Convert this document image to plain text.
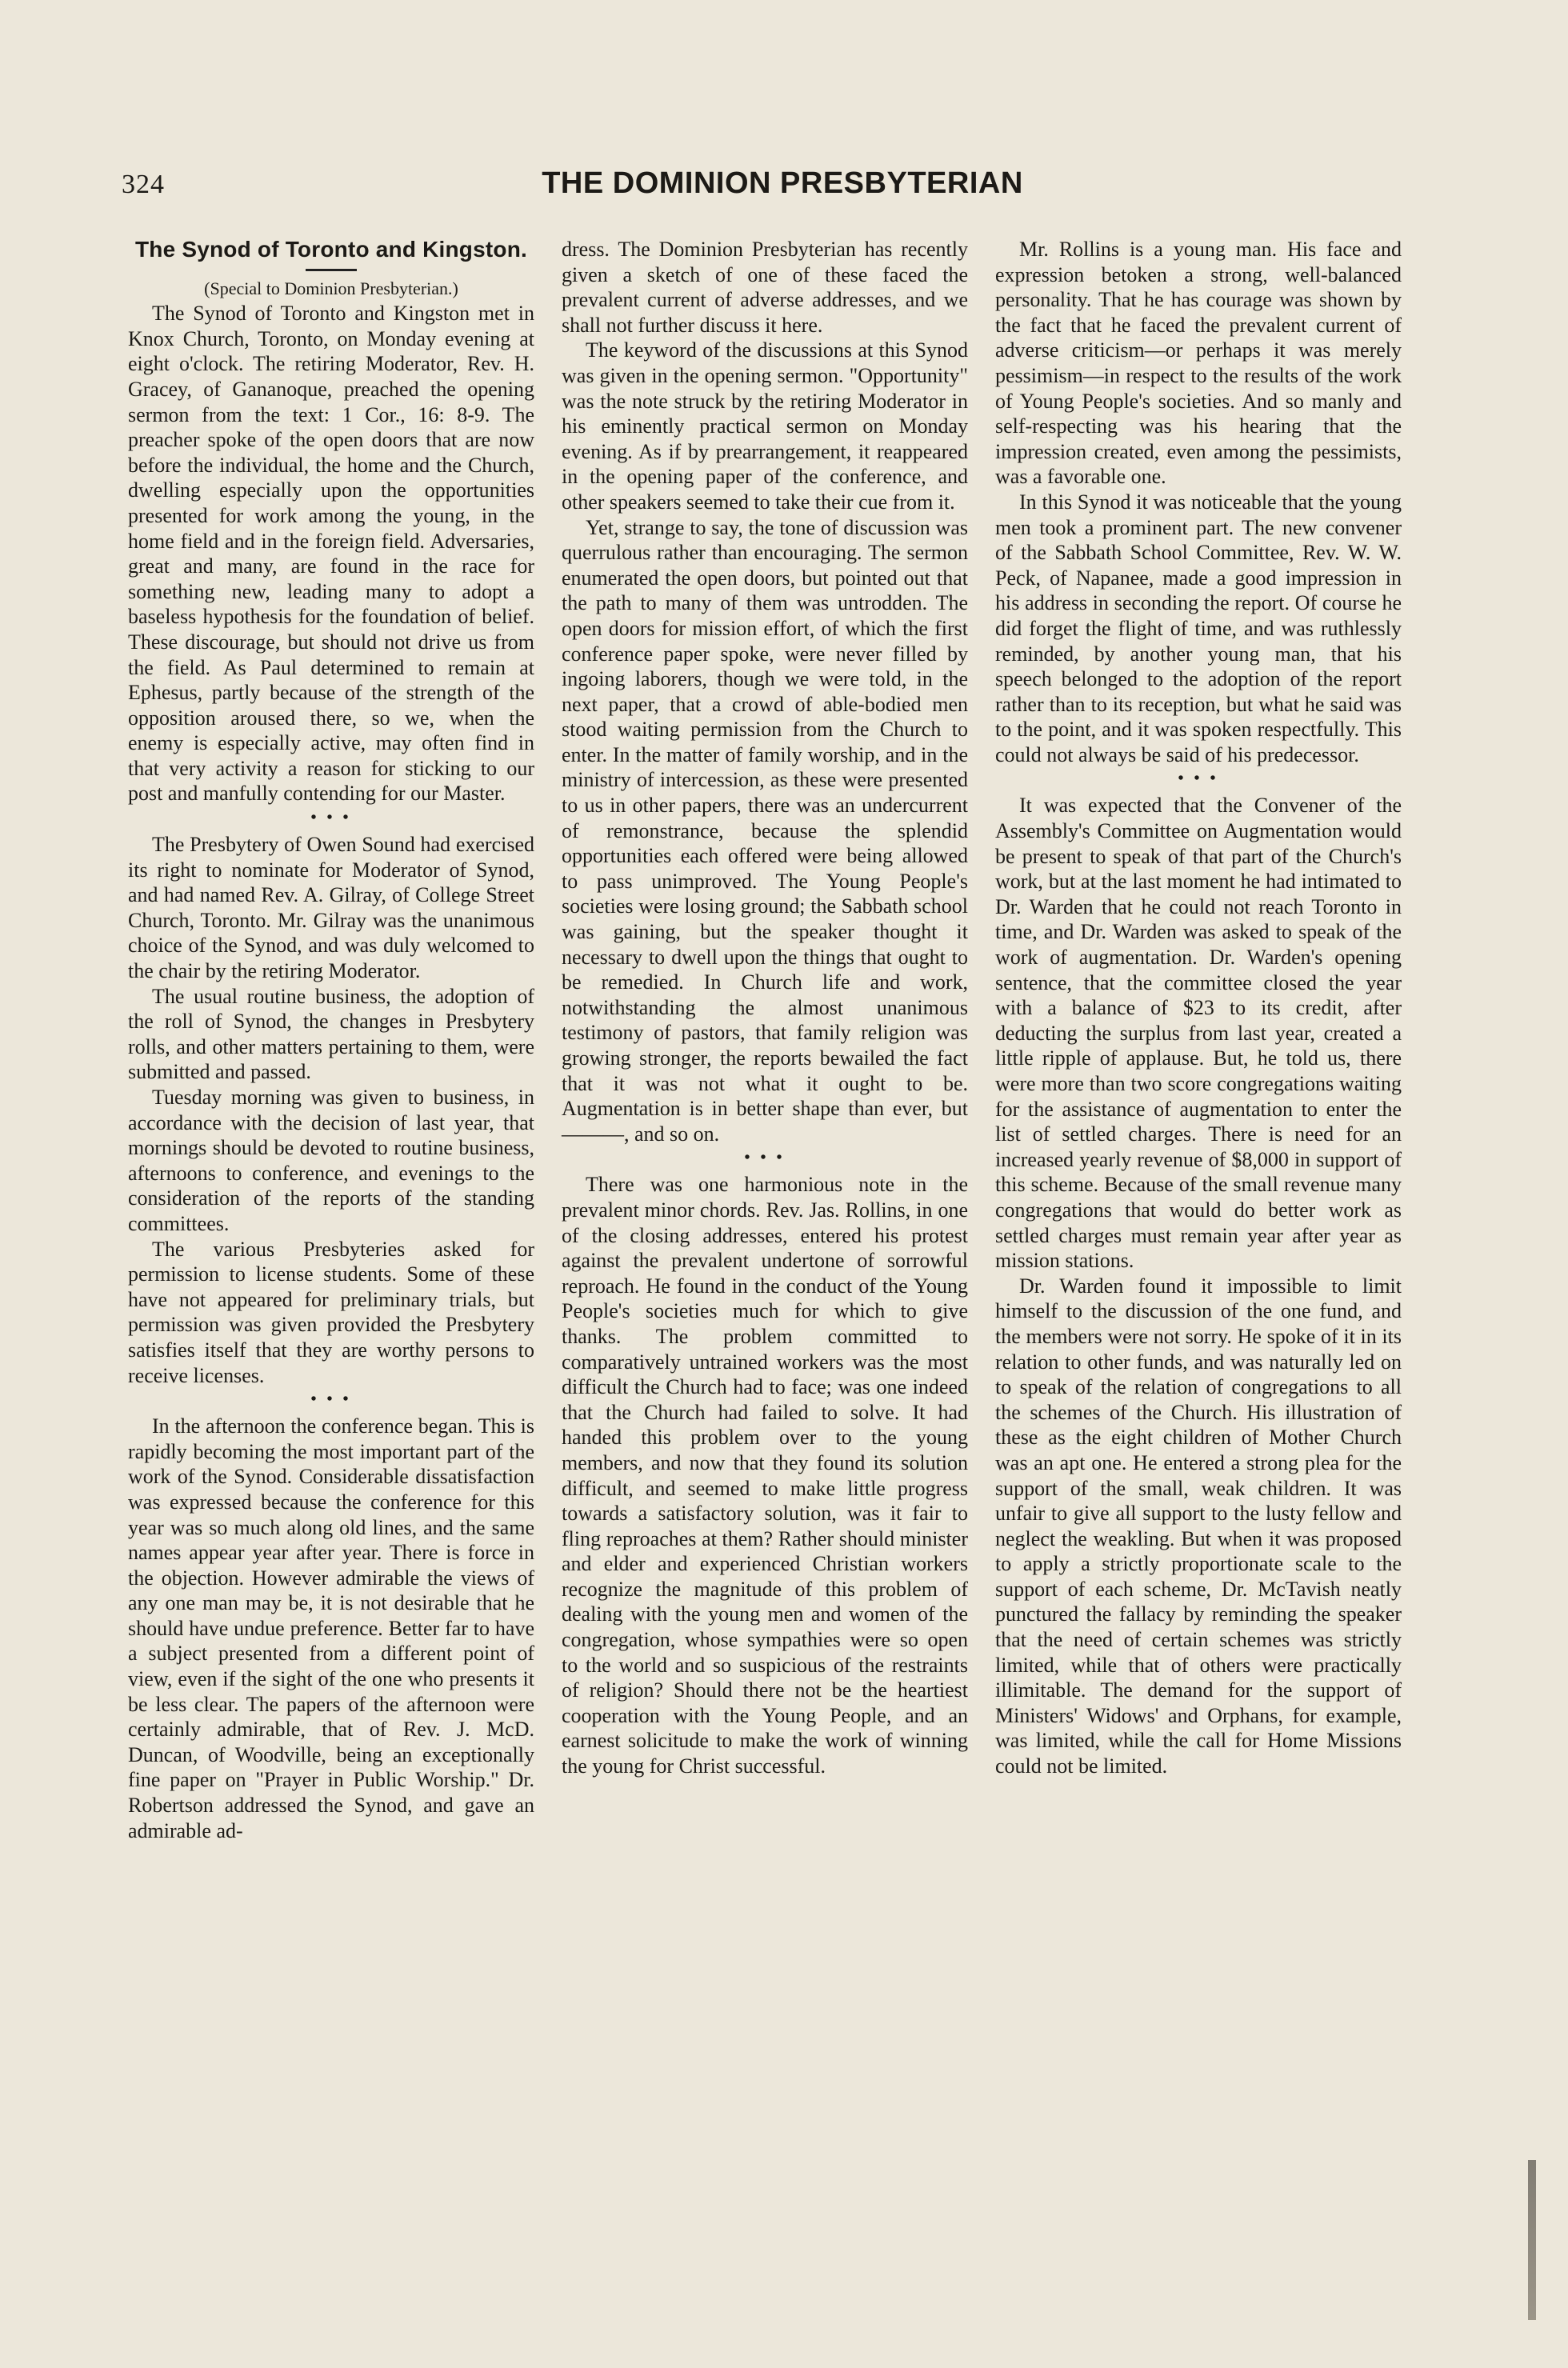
324	THE DOMINION PRESBYTERIAN
The Synod of Toronto and Kingston.

(Special to Dominion Presbyterian.)

The Synod of Toronto and Kingston met in Knox Church, Toronto, on Monday evening at eight o'clock. The retiring Moderator, Rev. H. Gracey, of Gananoque, preached the opening sermon from the text: 1 Cor., 16: 8-9. The preacher spoke of the open doors that are now before the individual, the home and the Church, dwelling especially upon the opportunities presented for work among the young, in the home field and in the foreign field. Adversaries, great and many, are found in the race for something new, leading many to adopt a baseless hypothesis for the foundation of belief. These discourage, but should not drive us from the field. As Paul determined to remain at Ephesus, partly because of the strength of the opposition aroused there, so we, when the enemy is especially active, may often find in that very activity a reason for sticking to our post and manfully contending for our Master.

• • •

The Presbytery of Owen Sound had exercised its right to nominate for Moderator of Synod, and had named Rev. A. Gilray, of College Street Church, Toronto. Mr. Gilray was the unanimous choice of the Synod, and was duly welcomed to the chair by the retiring Moderator.

The usual routine business, the adoption of the roll of Synod, the changes in Presbytery rolls, and other matters pertaining to them, were submitted and passed.

Tuesday morning was given to business, in accordance with the decision of last year, that mornings should be devoted to routine business, afternoons to conference, and evenings to the consideration of the reports of the standing committees.

The various Presbyteries asked for permission to license students. Some of these have not appeared for preliminary trials, but permission was given provided the Presbytery satisfies itself that they are worthy persons to receive licenses.

• • •

In the afternoon the conference began. This is rapidly becoming the most important part of the work of the Synod. Considerable dissatisfaction was expressed because the conference for this year was so much along old lines, and the same names appear year after year. There is force in the objection. However admirable the views of any one man may be, it is not desirable that he should have undue preference. Better far to have a subject presented from a different point of view, even if the sight of the one who presents it be less clear. The papers of the afternoon were certainly admirable, that of Rev. J. McD. Duncan, of Woodville, being an exceptionally fine paper on "Prayer in Public Worship." Dr. Robertson addressed the Synod, and gave an admirable ad-

dress. The Dominion Presbyterian has recently given a sketch of one of these faced the prevalent current of adverse addresses, and we shall not further discuss it here.

The keyword of the discussions at this Synod was given in the opening sermon. "Opportunity" was the note struck by the retiring Moderator in his eminently practical sermon on Monday evening. As if by prearrangement, it reappeared in the opening paper of the conference, and other speakers seemed to take their cue from it.

Yet, strange to say, the tone of discussion was querrulous rather than encouraging. The sermon enumerated the open doors, but pointed out that the path to many of them was untrodden. The open doors for mission effort, of which the first conference paper spoke, were never filled by ingoing laborers, though we were told, in the next paper, that a crowd of able-bodied men stood waiting permission from the Church to enter. In the matter of family worship, and in the ministry of intercession, as these were presented to us in other papers, there was an undercurrent of remonstrance, because the splendid opportunities each offered were being allowed to pass unimproved. The Young People's societies were losing ground; the Sabbath school was gaining, but the speaker thought it necessary to dwell upon the things that ought to be remedied. In Church life and work, notwithstanding the almost unanimous testimony of pastors, that family religion was growing stronger, the reports bewailed the fact that it was not what it ought to be. Augmentation is in better shape than ever, but ———, and so on.

• • •

There was one harmonious note in the prevalent minor chords. Rev. Jas. Rollins, in one of the closing addresses, entered his protest against the prevalent undertone of sorrowful reproach. He found in the conduct of the Young People's societies much for which to give thanks. The problem committed to comparatively untrained workers was the most difficult the Church had to face; was one indeed that the Church had failed to solve. It had handed this problem over to the young members, and now that they found its solution difficult, and seemed to make little progress towards a satisfactory solution, was it fair to fling reproaches at them? Rather should minister and elder and experienced Christian workers recognize the magnitude of this problem of dealing with the young men and women of the congregation, whose sympathies were so open to the world and so suspicious of the restraints of religion? Should there not be the heartiest cooperation with the Young People, and an earnest solicitude to make the work of winning the young for Christ successful.

Mr. Rollins is a young man. His face and expression betoken a strong, well-balanced personality. That he has courage was shown by the fact that he faced the prevalent current of adverse criticism—or perhaps it was merely pessimism—in respect to the results of the work of Young People's societies. And so manly and self-respecting was his hearing that the impression created, even among the pessimists, was a favorable one.

In this Synod it was noticeable that the young men took a prominent part. The new convener of the Sabbath School Committee, Rev. W. W. Peck, of Napanee, made a good impression in his address in seconding the report. Of course he did forget the flight of time, and was ruthlessly reminded, by another young man, that his speech belonged to the adoption of the report rather than to its reception, but what he said was to the point, and it was spoken respectfully. This could not always be said of his predecessor.

• • •

It was expected that the Convener of the Assembly's Committee on Augmentation would be present to speak of that part of the Church's work, but at the last moment he had intimated to Dr. Warden that he could not reach Toronto in time, and Dr. Warden was asked to speak of the work of augmentation. Dr. Warden's opening sentence, that the committee closed the year with a balance of $23 to its credit, after deducting the surplus from last year, created a little ripple of applause. But, he told us, there were more than two score congregations waiting for the assistance of augmentation to enter the list of settled charges. There is need for an increased yearly revenue of $8,000 in support of this scheme. Because of the small revenue many congregations that would do better work as settled charges must remain year after year as mission stations.

Dr. Warden found it impossible to limit himself to the discussion of the one fund, and the members were not sorry. He spoke of it in its relation to other funds, and was naturally led on to speak of the relation of congregations to all the schemes of the Church. His illustration of these as the eight children of Mother Church was an apt one. He entered a strong plea for the support of the small, weak children. It was unfair to give all support to the lusty fellow and neglect the weakling. But when it was proposed to apply a strictly proportionate scale to the support of each scheme, Dr. McTavish neatly punctured the fallacy by reminding the speaker that the need of certain schemes was strictly limited, while that of others were practically illimitable. The demand for the support of Ministers' Widows' and Orphans, for example, was limited, while the call for Home Missions could not be limited.
